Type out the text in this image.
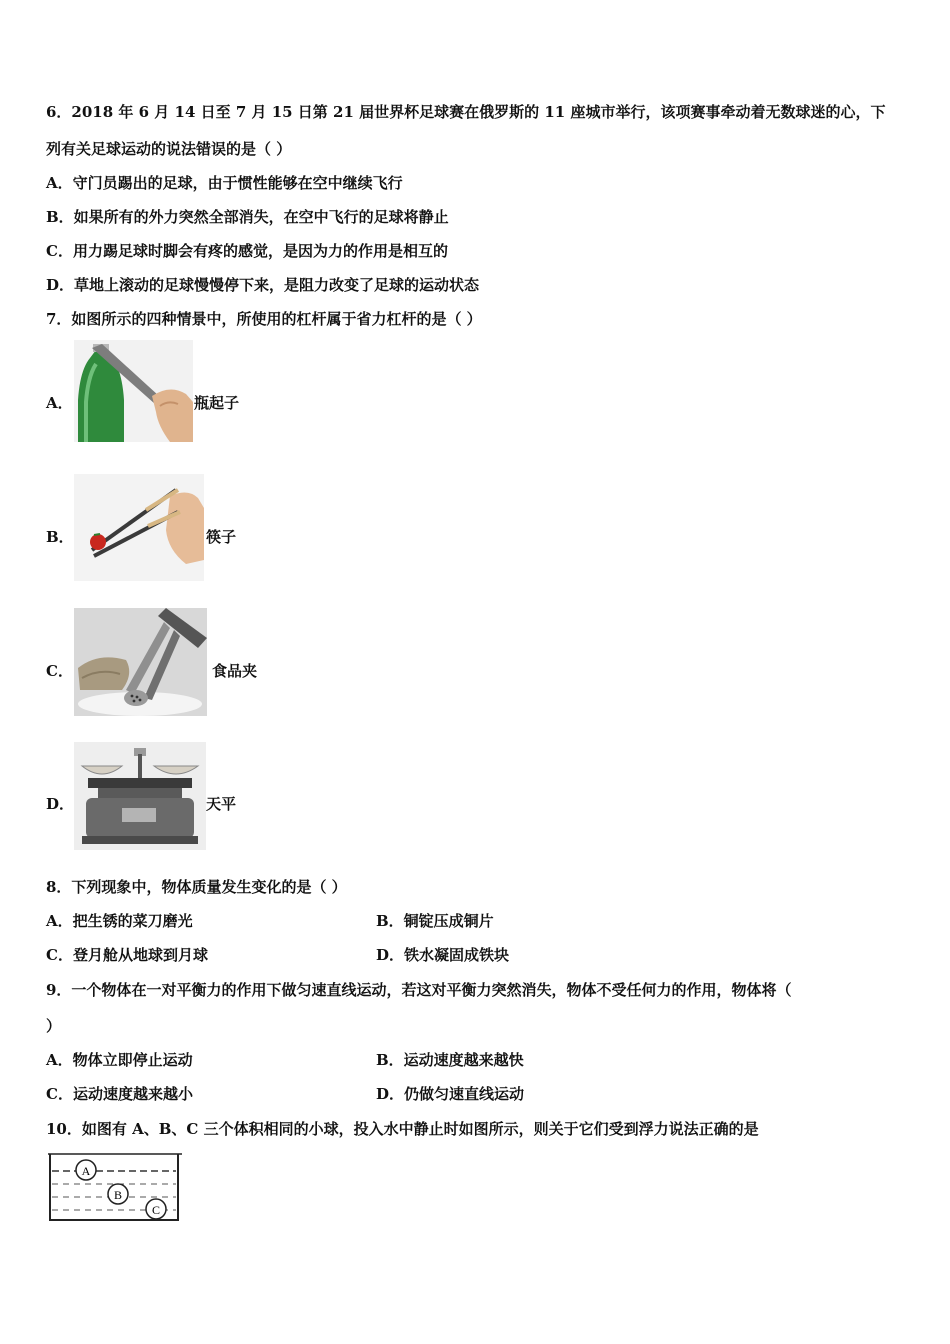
6．2018 年 6 月 14 日至 7 月 15 日第 21 届世界杯足球赛在俄罗斯的 11 座城市举行，该项赛事牵动着无数球迷的心，下
列有关足球运动的说法错误的是（ ）
A．守门员踢出的足球，由于惯性能够在空中继续飞行
B．如果所有的外力突然全部消失，在空中飞行的足球将静止
C．用力踢足球时脚会有疼的感觉，是因为力的作用是相互的
D．草地上滚动的足球慢慢停下来，是阻力改变了足球的运动状态
7．如图所示的四种情景中，所使用的杠杆属于省力杠杆的是（ ）
A．	瓶起子
B．	筷子
C．	食品夹
D．	天平
8．下列现象中，物体质量发生变化的是（ ）
A．把生锈的菜刀磨光	B．铜锭压成铜片
C．登月舱从地球到月球	D．铁水凝固成铁块
9．一个物体在一对平衡力的作用下做匀速直线运动，若这对平衡力突然消失，物体不受任何力的作用，物体将（
）
A．物体立即停止运动	B．运动速度越来越快
C．运动速度越来越小	D．仍做匀速直线运动
10．如图有 A、B、C 三个体积相同的小球，投入水中静止时如图所示，则关于它们受到浮力说法正确的是
A
B
C
